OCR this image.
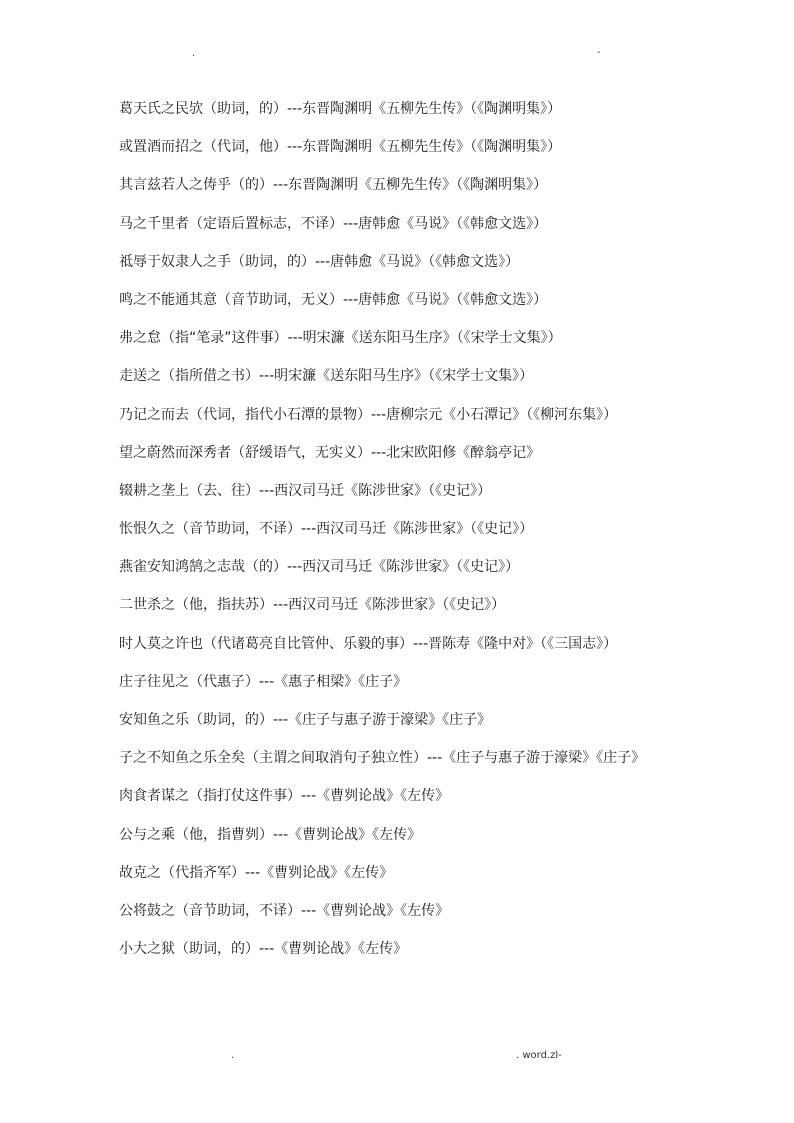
.	-
葛天氏之民欤（助词，的）---东晋陶渊明《五柳先生传》（《陶渊明集》）
或置酒而招之（代词，他）---东晋陶渊明《五柳先生传》（《陶渊明集》）
其言兹若人之俦乎（的）---东晋陶渊明《五柳先生传》（《陶渊明集》）
马之千里者（定语后置标志，不译）---唐韩愈《马说》（《韩愈文选》）
祗辱于奴隶人之手（助词，的）---唐韩愈《马说》（《韩愈文选》）
鸣之不能通其意（音节助词，无义）---唐韩愈《马说》（《韩愈文选》）
弗之怠（指“笔录”这件事）---明宋濂《送东阳马生序》（《宋学士文集》）
走送之（指所借之书）---明宋濂《送东阳马生序》（《宋学士文集》）
乃记之而去（代词，指代小石潭的景物）---唐柳宗元《小石潭记》（《柳河东集》）
望之蔚然而深秀者（舒缓语气，无实义）---北宋欧阳修《醉翁亭记》
辍耕之垄上（去、往）---西汉司马迁《陈涉世家》（《史记》）
怅恨久之（音节助词，不译）---西汉司马迁《陈涉世家》（《史记》）
燕雀安知鸿鹄之志哉（的）---西汉司马迁《陈涉世家》（《史记》）
二世杀之（他，指扶苏）---西汉司马迁《陈涉世家》（《史记》）
时人莫之许也（代诸葛亮自比管仲、乐毅的事）---晋陈寿《隆中对》（《三国志》）
庄子往见之（代惠子）---《惠子相梁》《庄子》
安知鱼之乐（助词，的）---《庄子与惠子游于濠梁》《庄子》
子之不知鱼之乐全矣（主谓之间取消句子独立性）---《庄子与惠子游于濠梁》《庄子》
肉食者谋之（指打仗这件事）---《曹刿论战》《左传》
公与之乘（他，指曹刿）---《曹刿论战》《左传》
故克之（代指齐军）---《曹刿论战》《左传》
公将鼓之（音节助词，不译）---《曹刿论战》《左传》
小大之狱（助词，的）---《曹刿论战》《左传》
.	. word.zl-
